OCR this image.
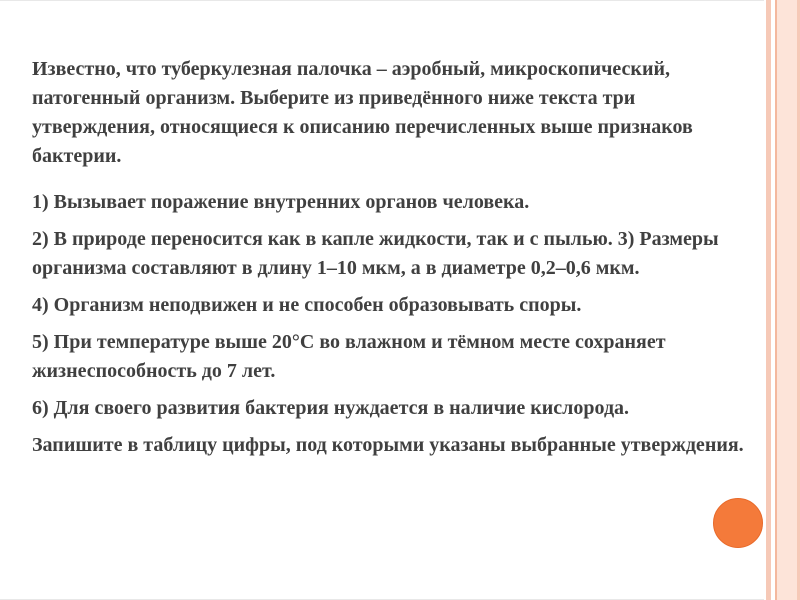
Известно, что туберкулезная палочка – аэробный, микроскопический, патогенный организм. Выберите из приведённого ниже текста три утверждения, относящиеся к описанию перечисленных выше признаков бактерии.

1) Вызывает поражение внутренних органов человека.

2) В природе переносится как в капле жидкости, так и с пылью. 3) Размеры организма составляют в длину 1–10 мкм, а в диаметре 0,2–0,6 мкм.

4) Организм неподвижен и не способен образовывать споры.

5) При температуре выше 20°С во влажном и тёмном месте сохраняет жизнеспособность до 7 лет.

6) Для своего развития бактерия нуждается в наличие кислорода.

Запишите в таблицу цифры, под которыми указаны выбранные утверждения.
